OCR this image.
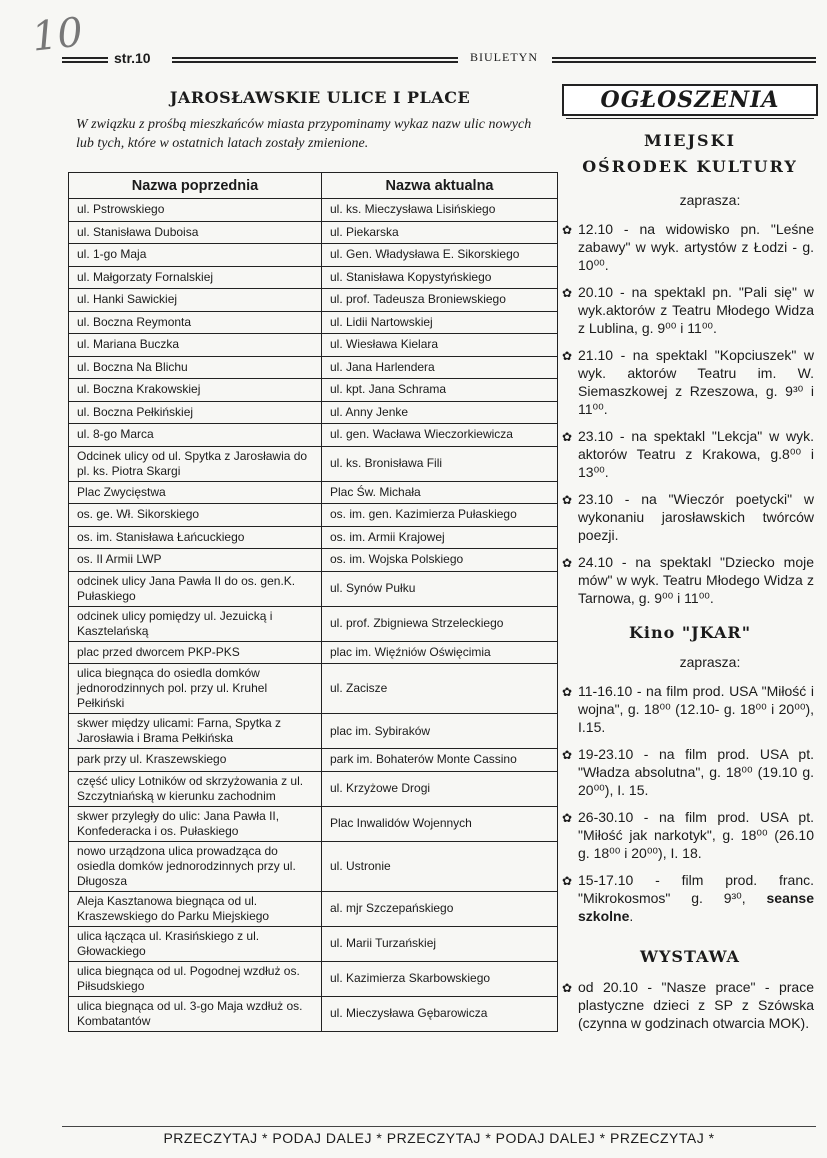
10 str.10	BIULETYN
JAROSŁAWSKIE ULICE I PLACE
W związku z prośbą mieszkańców miasta przypominamy wykaz nazw ulic nowych lub tych, które w ostatnich latach zostały zmienione.
Nazwa poprzednia	Nazwa aktualna
ul. Pstrowskiego	ul. ks. Mieczysława Lisińskiego
ul. Stanisława Duboisa	ul. Piekarska
ul. 1-go Maja	ul. Gen. Władysława E. Sikorskiego
ul. Małgorzaty Fornalskiej	ul. Stanisława Kopystyńskiego
ul. Hanki Sawickiej	ul. prof. Tadeusza Broniewskiego
ul. Boczna Reymonta	ul. Lidii Nartowskiej
ul. Mariana Buczka	ul. Wiesława Kielara
ul. Boczna Na Blichu	ul. Jana Harlendera
ul. Boczna Krakowskiej	ul. kpt. Jana Schrama
ul. Boczna Pełkińskiej	ul. Anny Jenke
ul. 8-go Marca	ul. gen. Wacława Wieczorkiewicza
Odcinek ulicy od ul. Spytka z Jarosławia do pl. ks. Piotra Skargi	ul. ks. Bronisława Fili
Plac Zwycięstwa	Plac Św. Michała
os. ge. Wł. Sikorskiego	os. im. gen. Kazimierza Pułaskiego
os. im. Stanisława Łańcuckiego	os. im. Armii Krajowej
os. II Armii LWP	os. im. Wojska Polskiego
odcinek ulicy Jana Pawła II do os. gen.K. Pułaskiego	ul. Synów Pułku
odcinek ulicy pomiędzy ul. Jezuicką i Kasztelańską	ul. prof. Zbigniewa Strzeleckiego
plac przed dworcem PKP-PKS	plac im. Więźniów Oświęcimia
ulica biegnąca do osiedla domków jednorodzinnych pol. przy ul. Kruhel Pełkiński	ul. Zacisze
skwer między ulicami: Farna, Spytka z Jarosławia i Brama Pełkińska	plac im. Sybiraków
park przy ul. Kraszewskiego	park im. Bohaterów Monte Cassino
część ulicy Lotników od skrzyżowania z ul. Szczytniańską w kierunku zachodnim	ul. Krzyżowe Drogi
skwer przyległy do ulic: Jana Pawła II, Konfederacka i os. Pułaskiego	Plac Inwalidów Wojennych
nowo urządzona ulica prowadząca do osiedla domków jednorodzinnych przy ul. Długosza	ul. Ustronie
Aleja Kasztanowa biegnąca od ul. Kraszewskiego do Parku Miejskiego	al. mjr Szczepańskiego
ulica łącząca ul. Krasińskiego z ul. Głowackiego	ul. Marii Turzańskiej
ulica biegnąca od ul. Pogodnej wzdłuż os. Piłsudskiego	ul. Kazimierza Skarbowskiego
ulica biegnąca od ul. 3-go Maja wzdłuż os. Kombatantów	ul. Mieczysława Gębarowicza
OGŁOSZENIA
MIEJSKI
OŚRODEK KULTURY
zaprasza:
✿ 12.10 - na widowisko pn. "Leśne zabawy" w wyk. artystów z Łodzi - g. 10⁰⁰.
✿ 20.10 - na spektakl pn. "Pali się" w wyk.aktorów z Teatru Młodego Widza z Lublina, g. 9⁰⁰ i 11⁰⁰.
✿ 21.10 - na spektakl "Kopciuszek" w wyk. aktorów Teatru im. W. Siemaszkowej z Rzeszowa, g. 9³⁰ i 11⁰⁰.
✿ 23.10 - na spektakl "Lekcja" w wyk. aktorów Teatru z Krakowa, g.8⁰⁰ i 13⁰⁰.
✿ 23.10 - na "Wieczór poetycki" w wykonaniu jarosławskich twórców poezji.
✿ 24.10 - na spektakl "Dziecko moje mów" w wyk. Teatru Młodego Widza z Tarnowa, g. 9⁰⁰ i 11⁰⁰.
Kino "JKAR"
zaprasza:
✿ 11-16.10 - na film prod. USA "Miłość i wojna", g. 18⁰⁰ (12.10- g. 18⁰⁰ i 20⁰⁰), I.15.
✿ 19-23.10 - na film prod. USA pt. "Władza absolutna", g. 18⁰⁰ (19.10 g. 20⁰⁰), I. 15.
✿ 26-30.10 - na film prod. USA pt. "Miłość jak narkotyk", g. 18⁰⁰ (26.10 g. 18⁰⁰ i 20⁰⁰), I. 18.
✿ 15-17.10 - film prod. franc. "Mikrokosmos" g. 9³⁰, seanse szkolne.
WYSTAWA
✿ od 20.10 - "Nasze prace" - prace plastyczne dzieci z SP z Szówska (czynna w godzinach otwarcia MOK).
PRZECZYTAJ * PODAJ DALEJ * PRZECZYTAJ * PODAJ DALEJ * PRZECZYTAJ *
